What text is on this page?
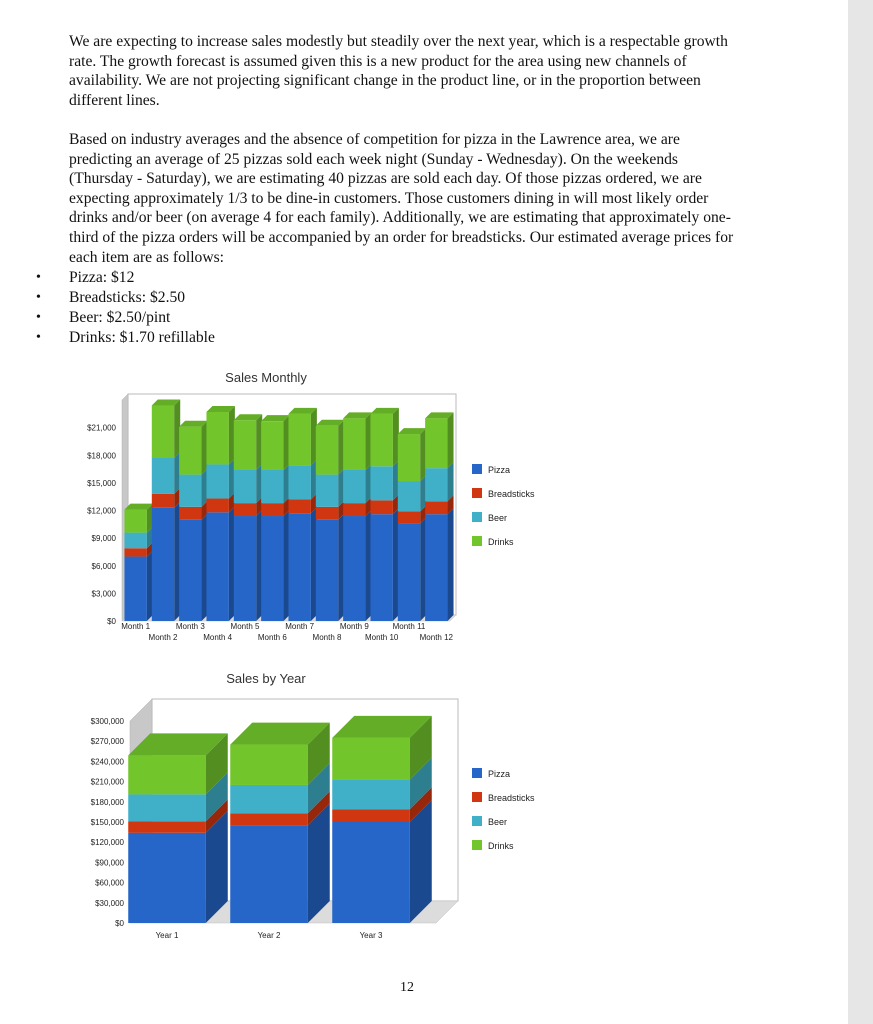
We are expecting to increase sales modestly but steadily over the next year, which is a respectable growth rate. The growth forecast is assumed given this is a new product for the area using new channels of availability. We are not projecting significant change in the product line, or in the proportion between different lines.

Based on industry averages and the absence of competition for pizza in the Lawrence area, we are predicting an average of 25 pizzas sold each week night (Sunday - Wednesday). On the weekends (Thursday - Saturday), we are estimating 40 pizzas are sold each day. Of those pizzas ordered, we are expecting approximately 1/3 to be dine-in customers. Those customers dining in will most likely order drinks and/or beer (on average 4 for each family). Additionally, we are estimating that approximately one-third of the pizza orders will be accompanied by an order for breadsticks. Our estimated average prices for each item are as follows:

• Pizza: $12
• Breadsticks: $2.50
• Beer: $2.50/pint
• Drinks: $1.70 refillable
Sales Monthly
$0
$3,000
$6,000
$9,000
$12,000
$15,000
$18,000
$21,000
Month 1
Month 2
Month 3
Month 4
Month 5
Month 6
Month 7
Month 8
Month 9
Month 10
Month 11
Month 12
Pizza
Breadsticks
Beer
Drinks
Sales by Year
$0
$30,000
$60,000
$90,000
$120,000
$150,000
$180,000
$210,000
$240,000
$270,000
$300,000
Year 1	Year 2	Year 3
Pizza
Breadsticks
Beer
Drinks
12
